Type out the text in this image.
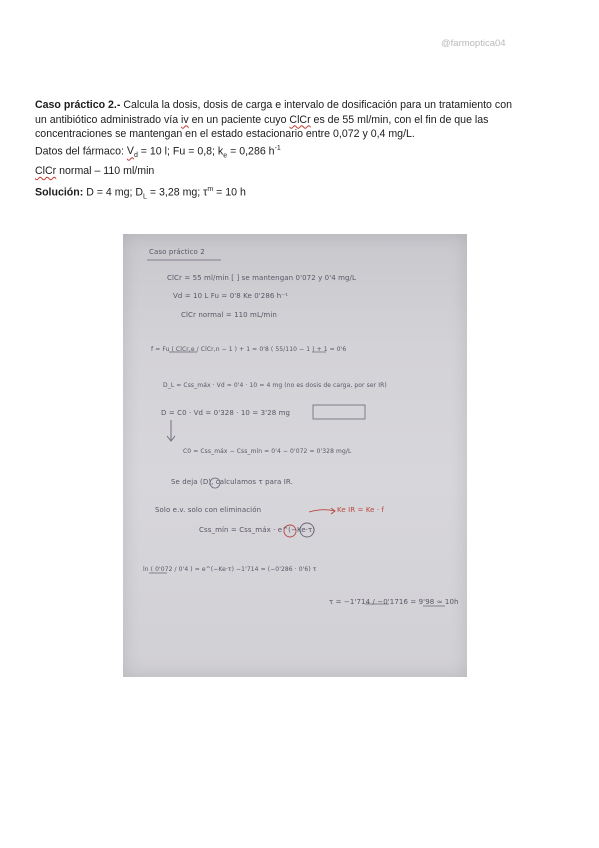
@farmoptica04

Caso práctico 2.- Calcula la dosis, dosis de carga e intervalo de dosificación para un tratamiento con

un antibiótico administrado vía iv en un paciente cuyo ClCr es de 55 ml/min, con el fin de que las

concentraciones se mantengan en el estado estacionario entre 0,072 y 0,4 mg/L.

Datos del fármaco: $V_d = 10$ l; Fu = 0,8; $k_e = 0,286$ $h^{-1}$

ClCr normal – 110 ml/min

Solución: D = 4 mg; $D_L = 3,28$ mg; $\tau^m = 10$ h

Caso práctico 2
ClCr = 55 ml/min [ ] se mantengan 0'072 y 0'4 mg/L
Vd = 10 L Fu = 0'8 Ke 0'286 h⁻¹
ClCr normal = 110 mL/min
f = Fu ( ClCr,e / ClCr,n − 1 ) + 1 = 0'8 ( 55/110 − 1 ) + 1 = 0'6
D_L = Css_máx · Vd = 0'4 · 10 = 4 mg (no es dosis de carga, por ser IR)
D = C0 · Vd = 0'328 · 10 = 3'28 mg
C0 = Css_máx − Css_mín = 0'4 − 0'072 = 0'328 mg/L
Se deja (D), calculamos τ para IR.
Solo e.v. solo con eliminación	Ke IR = Ke · f
Css_mín = Css_máx · e^(−Ke·τ)
ln ( 0'072 / 0'4 ) = e^(−Ke·τ) −1'714 = (−0'286 · 0'6) τ
τ = −1'714 / −0'1716 = 9'98 ≈ 10h
